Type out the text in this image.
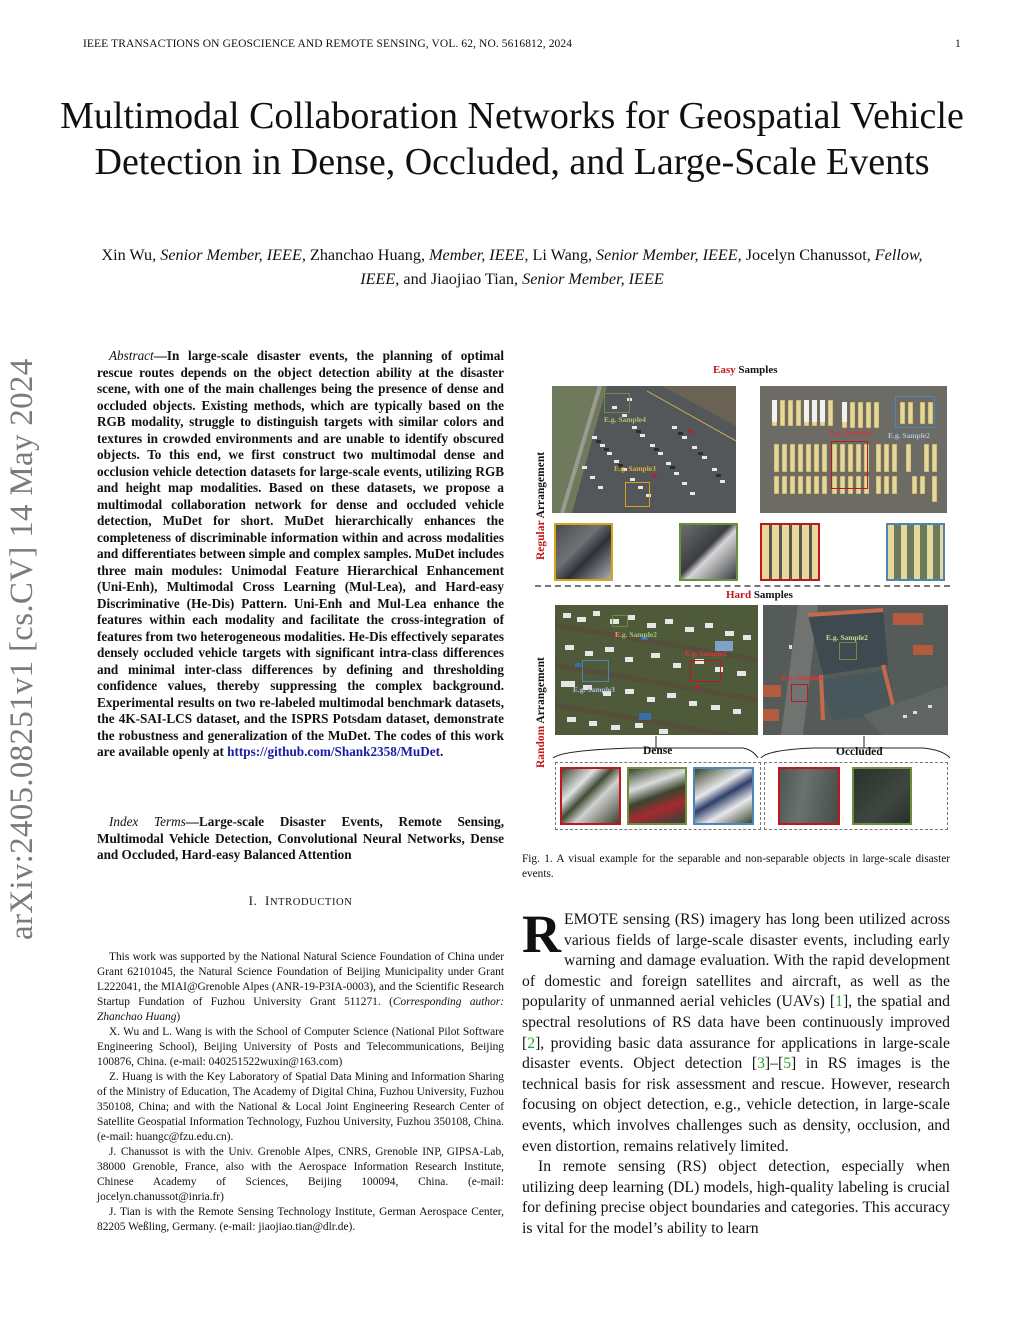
IEEE TRANSACTIONS ON GEOSCIENCE AND REMOTE SENSING, VOL. 62, NO. 5616812, 2024	1
arXiv:2405.08251v1 [cs.CV] 14 May 2024
Multimodal Collaboration Networks for Geospatial Vehicle Detection in Dense, Occluded, and Large-Scale Events
Xin Wu, Senior Member, IEEE, Zhanchao Huang, Member, IEEE, Li Wang, Senior Member, IEEE, Jocelyn Chanussot, Fellow, IEEE, and Jiaojiao Tian, Senior Member, IEEE

Abstract—In large-scale disaster events, the planning of optimal rescue routes depends on the object detection ability at the disaster scene, with one of the main challenges being the presence of dense and occluded objects. Existing methods, which are typically based on the RGB modality, struggle to distinguish targets with similar colors and textures in crowded environments and are unable to identify obscured objects. To this end, we first construct two multimodal dense and occlusion vehicle detection datasets for large-scale events, utilizing RGB and height map modalities. Based on these datasets, we propose a multimodal collaboration network for dense and occluded vehicle detection, MuDet for short. MuDet hierarchically enhances the completeness of discriminable information within and across modalities and differentiates between simple and complex samples. MuDet includes three main modules: Unimodal Feature Hierarchical Enhancement (Uni-Enh), Multimodal Cross Learning (Mul-Lea), and Hard-easy Discriminative (He-Dis) Pattern. Uni-Enh and Mul-Lea enhance the features within each modality and facilitate the cross-integration of features from two heterogeneous modalities. He-Dis effectively separates densely occluded vehicle targets with significant intra-class differences and minimal inter-class differences by defining and thresholding confidence values, thereby suppressing the complex background. Experimental results on two re-labeled multimodal benchmark datasets, the 4K-SAI-LCS dataset, and the ISPRS Potsdam dataset, demonstrate the robustness and generalization of the MuDet. The codes of this work are available openly at https://github.com/Shank2358/MuDet.

Index Terms—Large-scale Disaster Events, Remote Sensing, Multimodal Vehicle Detection, Convolutional Neural Networks, Dense and Occluded, Hard-easy Balanced Attention

I. INTRODUCTION

This work was supported by the National Natural Science Foundation of China under Grant 62101045, the Natural Science Foundation of Beijing Municipality under Grant L222041, the MIAI@Grenoble Alpes (ANR-19-P3IA-0003), and the Scientific Research Startup Fundation of Fuzhou University Grant 511271. (Corresponding author: Zhanchao Huang)

X. Wu and L. Wang is with the School of Computer Science (National Pilot Software Engineering School), Beijing University of Posts and Telecommunications, Beijing 100876, China. (e-mail: 040251522wuxin@163.com)

Z. Huang is with the Key Laboratory of Spatial Data Mining and Information Sharing of the Ministry of Education, The Academy of Digital China, Fuzhou University, Fuzhou 350108, China; and with the National & Local Joint Engineering Research Center of Satellite Geospatial Information Technology, Fuzhou University, Fuzhou 350108, China. (e-mail: huangc@fzu.edu.cn).

J. Chanussot is with the Univ. Grenoble Alpes, CNRS, Grenoble INP, GIPSA-Lab, 38000 Grenoble, France, also with the Aerospace Information Research Institute, Chinese Academy of Sciences, Beijing 100094, China. (e-mail: jocelyn.chanussot@inria.fr)

J. Tian is with the Remote Sensing Technology Institute, German Aerospace Center, 82205 Weßling, Germany. (e-mail: jiaojiao.tian@dlr.de).

Easy Samples
Regular Arrangement
E.g. Sample4
E.g. Sample3
E.g. Sample1 E.g. Sample2
Hard Samples
Random Arrangement
E.g. Sample2
E.g. Sample1
E.g. Sample3
E.g. Sample2
E.g. Sample1
Dense	Occluded
Fig. 1. A visual example for the separable and non-separable objects in large-scale disaster events.

REMOTE sensing (RS) imagery has long been utilized across various fields of large-scale disaster events, including early warning and damage evaluation. With the rapid development of domestic and foreign satellites and aircraft, as well as the popularity of unmanned aerial vehicles (UAVs) [1], the spatial and spectral resolutions of RS data have been continuously improved [2], providing basic data assurance for applications in large-scale disaster events. Object detection [3]–[5] in RS images is the technical basis for risk assessment and rescue. However, research focusing on object detection, e.g., vehicle detection, in large-scale events, which involves challenges such as density, occlusion, and even distortion, remains relatively limited.

In remote sensing (RS) object detection, especially when utilizing deep learning (DL) models, high-quality labeling is crucial for defining precise object boundaries and categories. This accuracy is vital for the model’s ability to learn
